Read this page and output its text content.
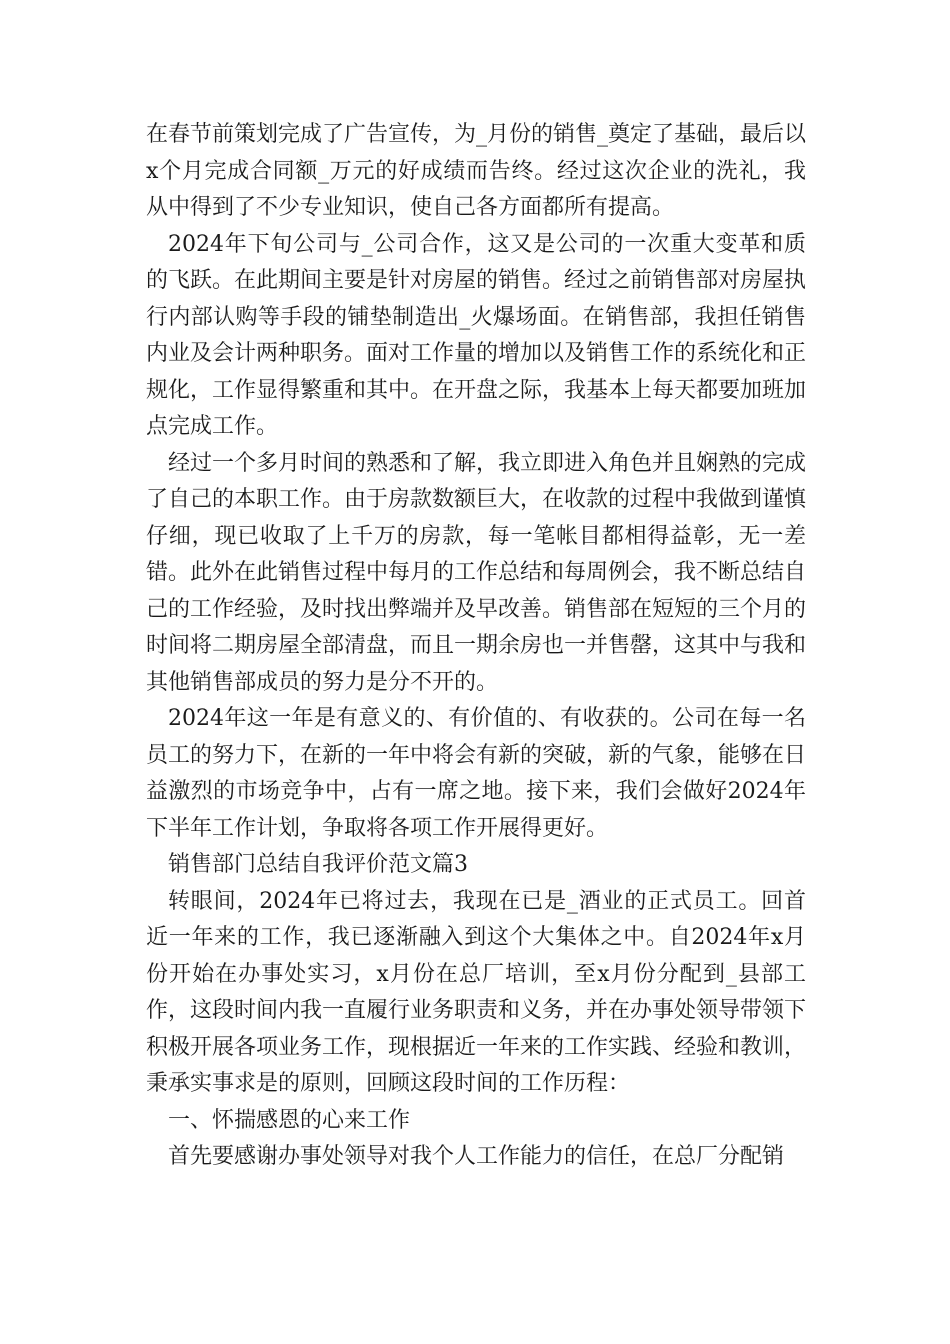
在春节前策划完成了广告宣传，为_月份的销售_奠定了基础，最后以x个月完成合同额_万元的好成绩而告终。经过这次企业的洗礼，我从中得到了不少专业知识，使自己各方面都所有提高。

2024年下旬公司与_公司合作，这又是公司的一次重大变革和质的飞跃。在此期间主要是针对房屋的销售。经过之前销售部对房屋执行内部认购等手段的铺垫制造出_火爆场面。在销售部，我担任销售内业及会计两种职务。面对工作量的增加以及销售工作的系统化和正规化，工作显得繁重和其中。在开盘之际，我基本上每天都要加班加点完成工作。

经过一个多月时间的熟悉和了解，我立即进入角色并且娴熟的完成了自己的本职工作。由于房款数额巨大，在收款的过程中我做到谨慎仔细，现已收取了上千万的房款，每一笔帐目都相得益彰，无一差错。此外在此销售过程中每月的工作总结和每周例会，我不断总结自己的工作经验，及时找出弊端并及早改善。销售部在短短的三个月的时间将二期房屋全部清盘，而且一期余房也一并售罄，这其中与我和其他销售部成员的努力是分不开的。

2024年这一年是有意义的、有价值的、有收获的。公司在每一名员工的努力下，在新的一年中将会有新的突破，新的气象，能够在日益激烈的市场竞争中，占有一席之地。接下来，我们会做好2024年下半年工作计划，争取将各项工作开展得更好。

销售部门总结自我评价范文篇3

转眼间，2024年已将过去，我现在已是_酒业的正式员工。回首近一年来的工作，我已逐渐融入到这个大集体之中。自2024年x月份开始在办事处实习，x月份在总厂培训，至x月份分配到_县部工作，这段时间内我一直履行业务职责和义务，并在办事处领导带领下积极开展各项业务工作，现根据近一年来的工作实践、经验和教训，秉承实事求是的原则，回顾这段时间的工作历程：

一、怀揣感恩的心来工作

首先要感谢办事处领导对我个人工作能力的信任，在总厂分配销
